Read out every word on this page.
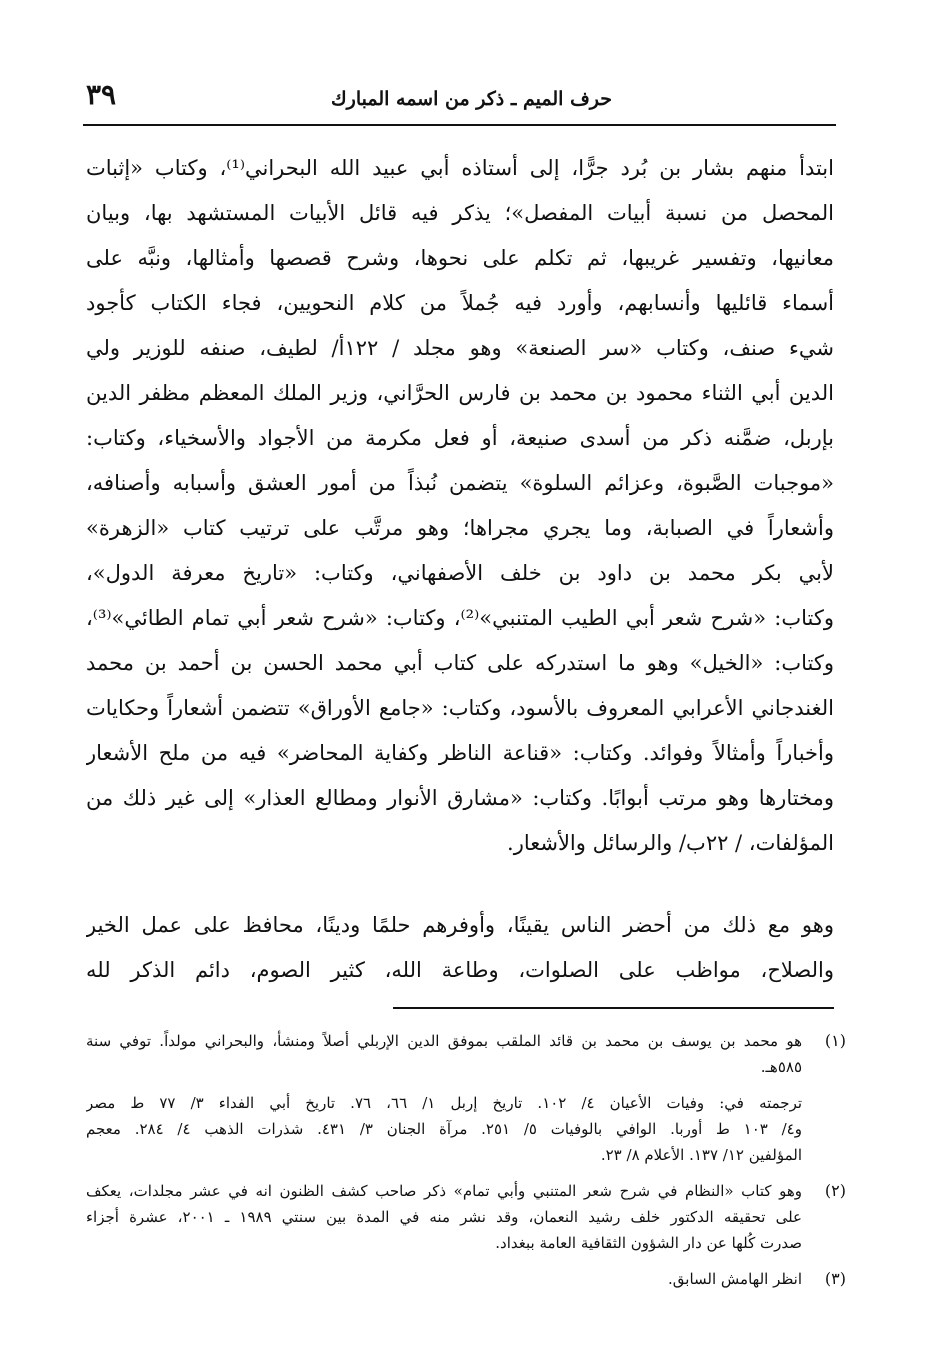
٣٩	حرف الميم ـ ذكر من اسمه المبارك
ابتدأ منهم بشار بن بُرد جرًّا، إلى أستاذه أبي عبيد الله البحراني⁽¹⁾، وكتاب «إثبات
المحصل من نسبة أبيات المفصل»؛ يذكر فيه قائل الأبيات المستشهد بها، وبيان
معانيها، وتفسير غريبها، ثم تكلم على نحوها، وشرح قصصها وأمثالها، ونبَّه على
أسماء قائليها وأنسابهم، وأورد فيه جُملاً من كلام النحويين، فجاء الكتاب كأجود
شيء صنف، وكتاب «سر الصنعة» وهو مجلد / ١٢٢أ/ لطيف، صنفه للوزير ولي
الدين أبي الثناء محمود بن محمد بن فارس الحرَّاني، وزير الملك المعظم مظفر الدين
بإربل، ضمَّنه ذكر من أسدى صنيعة، أو فعل مكرمة من الأجواد والأسخياء، وكتاب:
«موجبات الصَّبوة، وعزائم السلوة» يتضمن نُبذاً من أمور العشق وأسبابه وأصنافه،
وأشعاراً في الصبابة، وما يجري مجراها؛ وهو مرتَّب على ترتيب كتاب «الزهرة»
لأبي بكر محمد بن داود بن خلف الأصفهاني، وكتاب: «تاريخ معرفة الدول»،
وكتاب: «شرح شعر أبي الطيب المتنبي»⁽²⁾، وكتاب: «شرح شعر أبي تمام الطائي»⁽³⁾،
وكتاب: «الخيل» وهو ما استدركه على كتاب أبي محمد الحسن بن أحمد بن محمد
الغندجاني الأعرابي المعروف بالأسود، وكتاب: «جامع الأوراق» تتضمن أشعاراً وحكايات
وأخباراً وأمثالاً وفوائد. وكتاب: «قناعة الناظر وكفاية المحاضر» فيه من ملح الأشعار
ومختارها وهو مرتب أبوابًا. وكتاب: «مشارق الأنوار ومطالع العذار» إلى غير ذلك من
المؤلفات، / ٢٢ب/ والرسائل والأشعار.
وهو مع ذلك من أحضر الناس يقينًا، وأوفرهم حلمًا ودينًا، محافظ على عمل الخير
والصلاح، مواظب على الصلوات، وطاعة الله، كثير الصوم، دائم الذكر لله
(١)
هو محمد بن يوسف بن محمد بن قائد الملقب بموفق الدين الإربلي أصلاً ومنشأ، والبحراني مولداً. توفي سنة
٥٨٥هـ.
ترجمته في: وفيات الأعيان ٤/ ١٠٢. تاريخ إربل ١/ ٦٦، ٧٦. تاريخ أبي الفداء ٣/ ٧٧ ط مصر
و٤/ ١٠٣ ط أوربا. الوافي بالوفيات ٥/ ٢٥١. مرآة الجنان ٣/ ٤٣١. شذرات الذهب ٤/ ٢٨٤. معجم
المؤلفين ١٢/ ١٣٧. الأعلام ٨/ ٢٣.
(٢)
وهو كتاب «النظام في شرح شعر المتنبي وأبي تمام» ذكر صاحب كشف الظنون انه في عشر مجلدات، يعكف
على تحقيقه الدكتور خلف رشيد النعمان، وقد نشر منه في المدة بين سنتي ١٩٨٩ ـ ٢٠٠١، عشرة أجزاء
صدرت كُلها عن دار الشؤون الثقافية العامة ببغداد.
(٣)
انظر الهامش السابق.
